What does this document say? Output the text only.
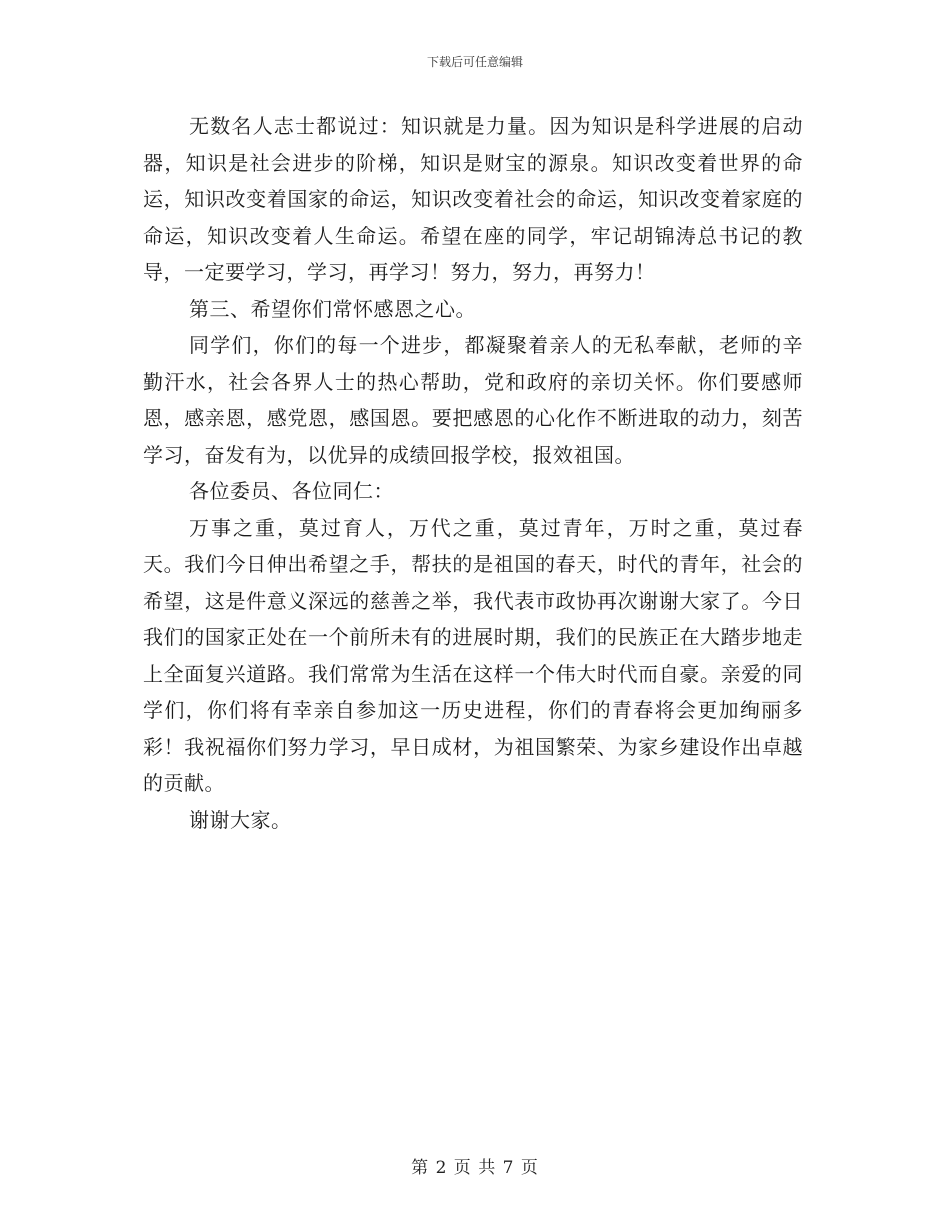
下载后可任意编辑

无数名人志士都说过：知识就是力量。因为知识是科学进展的启动器，知识是社会进步的阶梯，知识是财宝的源泉。知识改变着世界的命运，知识改变着国家的命运，知识改变着社会的命运，知识改变着家庭的命运，知识改变着人生命运。希望在座的同学，牢记胡锦涛总书记的教导，一定要学习，学习，再学习！努力，努力，再努力！

第三、希望你们常怀感恩之心。

同学们，你们的每一个进步，都凝聚着亲人的无私奉献，老师的辛勤汗水，社会各界人士的热心帮助，党和政府的亲切关怀。你们要感师恩，感亲恩，感党恩，感国恩。要把感恩的心化作不断进取的动力，刻苦学习，奋发有为，以优异的成绩回报学校，报效祖国。

各位委员、各位同仁：

万事之重，莫过育人，万代之重，莫过青年，万时之重，莫过春天。我们今日伸出希望之手，帮扶的是祖国的春天，时代的青年，社会的希望，这是件意义深远的慈善之举，我代表市政协再次谢谢大家了。今日我们的国家正处在一个前所未有的进展时期，我们的民族正在大踏步地走上全面复兴道路。我们常常为生活在这样一个伟大时代而自豪。亲爱的同学们，你们将有幸亲自参加这一历史进程，你们的青春将会更加绚丽多彩！我祝福你们努力学习，早日成材，为祖国繁荣、为家乡建设作出卓越的贡献。

谢谢大家。

第 2 页 共 7 页
